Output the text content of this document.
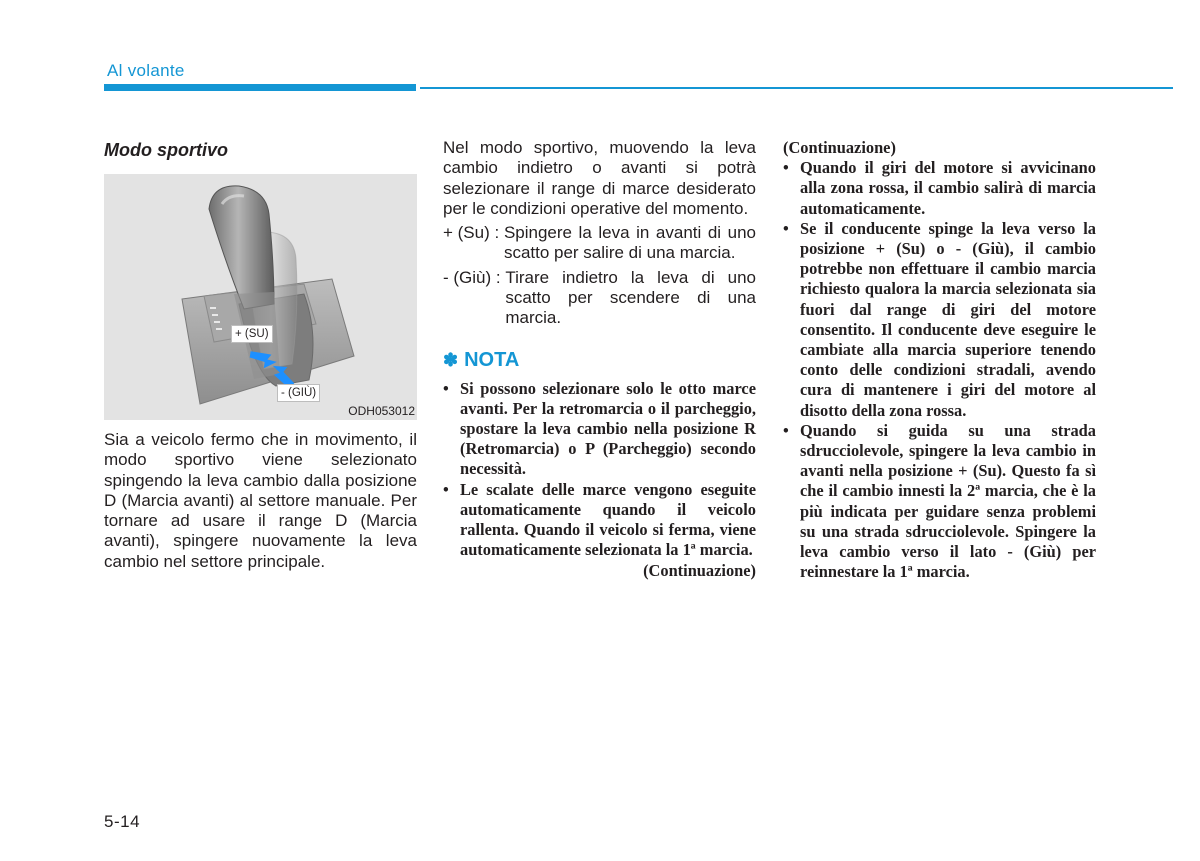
Al volante
Modo sportivo
+ (SU)
- (GIÙ)
ODH053012

Sia a veicolo fermo che in movimento, il modo sportivo viene selezionato spingendo la leva cambio dalla posizione D (Marcia avanti) al settore manuale. Per tornare ad usare il range D (Marcia avanti), spingere nuovamente la leva cambio nel settore principale.

Nel modo sportivo, muovendo la leva cambio indietro o avanti si potrà selezionare il range di marce desiderato per le condizioni operative del momento.

+ (Su) : Spingere la leva in avanti di uno scatto per salire di una marcia.
- (Giù) : Tirare indietro la leva di uno scatto per scendere di una marcia.
✽ NOTA
• Si possono selezionare solo le otto marce avanti. Per la retromarcia o il parcheggio, spostare la leva cambio nella posizione R (Retromarcia) o P (Parcheggio) secondo necessità.
• Le scalate delle marce vengono eseguite automaticamente quando il veicolo rallenta. Quando il veicolo si ferma, viene automaticamente selezionata la 1ª marcia.
(Continuazione)
(Continuazione)
• Quando il giri del motore si avvicinano alla zona rossa, il cambio salirà di marcia automaticamente.
• Se il conducente spinge la leva verso la posizione + (Su) o - (Giù), il cambio potrebbe non effettuare il cambio marcia richiesto qualora la marcia selezionata sia fuori dal range di giri del motore consentito. Il conducente deve eseguire le cambiate alla marcia superiore tenendo conto delle condizioni stradali, avendo cura di mantenere i giri del motore al disotto della zona rossa.
• Quando si guida su una strada sdrucciolevole, spingere la leva cambio in avanti nella posizione + (Su). Questo fa sì che il cambio innesti la 2ª marcia, che è la più indicata per guidare senza problemi su una strada sdrucciolevole. Spingere la leva cambio verso il lato - (Giù) per reinnestare la 1ª marcia.
5-14
